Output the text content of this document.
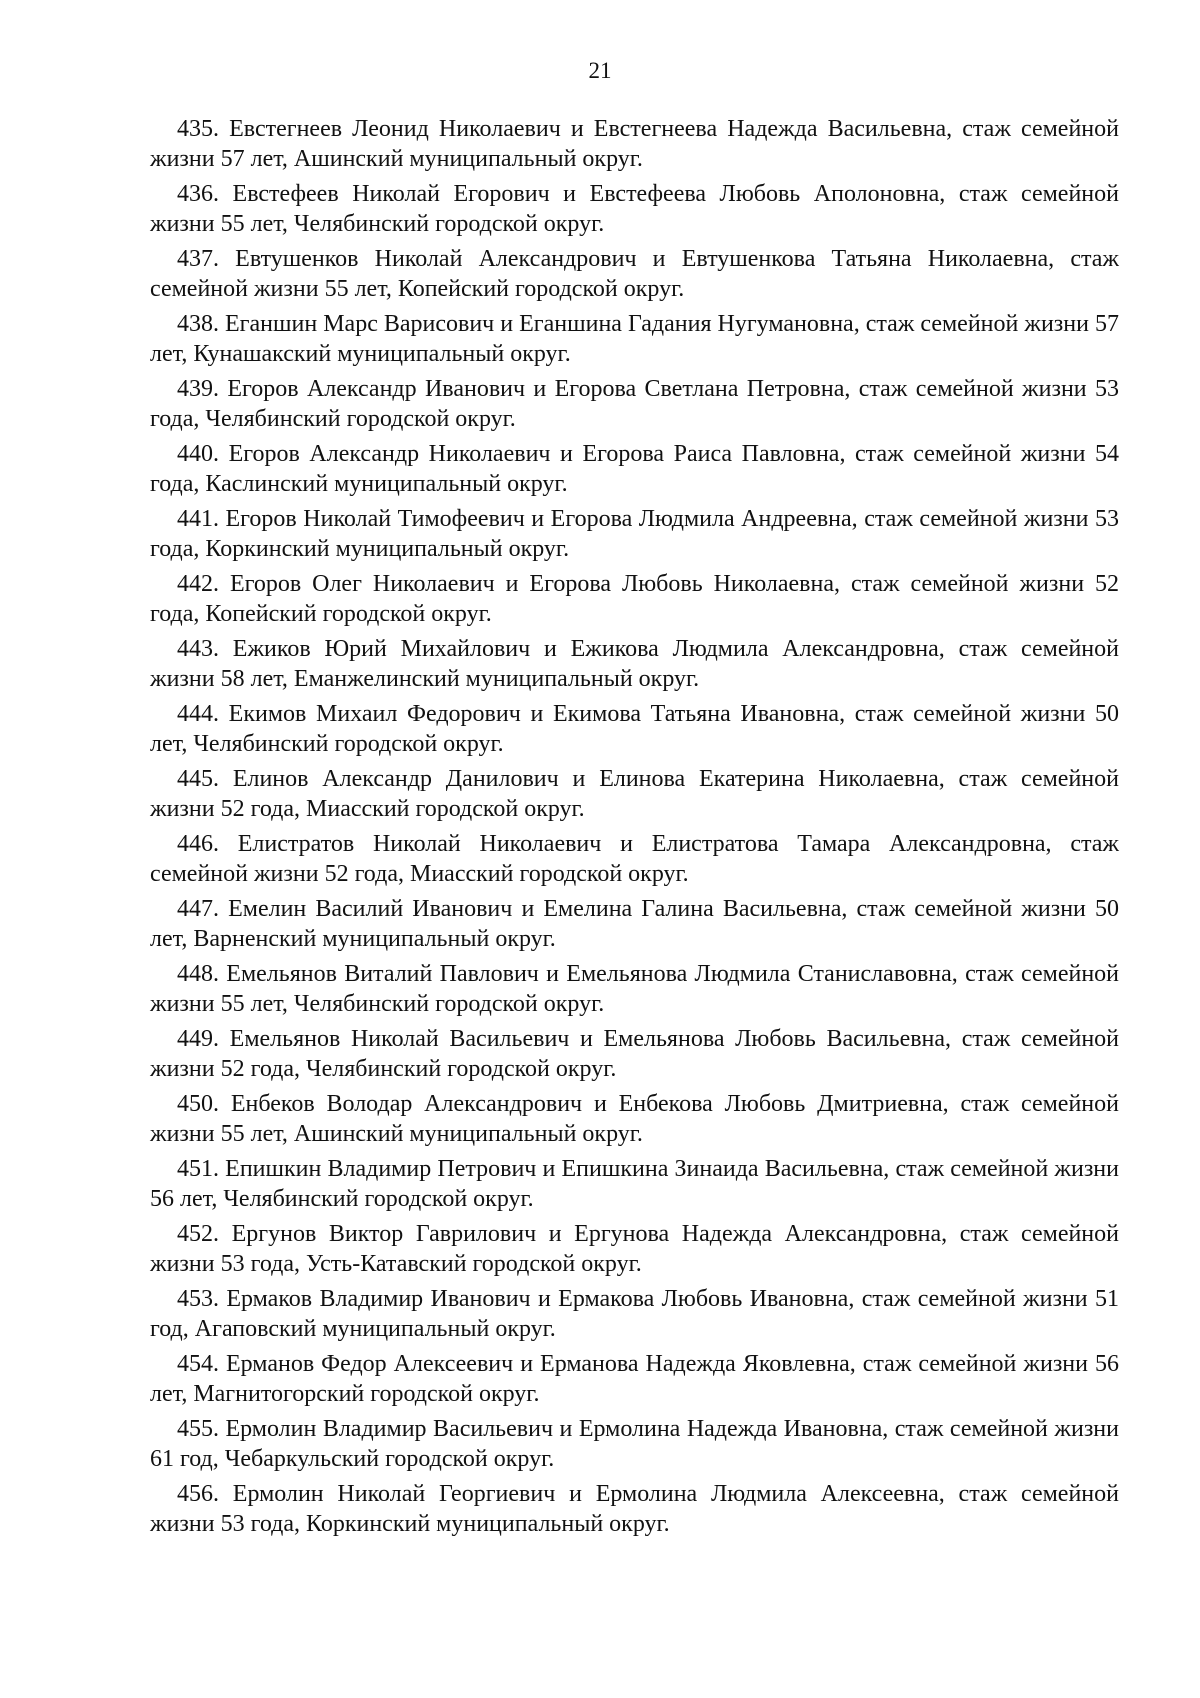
21

435. Евстегнеев Леонид Николаевич и Евстегнеева Надежда Васильевна, стаж семейной жизни 57 лет, Ашинский муниципальный округ.

436. Евстефеев Николай Егорович и Евстефеева Любовь Аполоновна, стаж семейной жизни 55 лет, Челябинский городской округ.

437. Евтушенков Николай Александрович и Евтушенкова Татьяна Николаевна, стаж семейной жизни 55 лет, Копейский городской округ.

438. Еганшин Марс Варисович и Еганшина Гадания Нугумановна, стаж семейной жизни 57 лет, Кунашакский муниципальный округ.

439. Егоров Александр Иванович и Егорова Светлана Петровна, стаж семейной жизни 53 года, Челябинский городской округ.

440. Егоров Александр Николаевич и Егорова Раиса Павловна, стаж семейной жизни 54 года, Каслинский муниципальный округ.

441. Егоров Николай Тимофеевич и Егорова Людмила Андреевна, стаж семейной жизни 53 года, Коркинский муниципальный округ.

442. Егоров Олег Николаевич и Егорова Любовь Николаевна, стаж семейной жизни 52 года, Копейский городской округ.

443. Ежиков Юрий Михайлович и Ежикова Людмила Александровна, стаж семейной жизни 58 лет, Еманжелинский муниципальный округ.

444. Екимов Михаил Федорович и Екимова Татьяна Ивановна, стаж семейной жизни 50 лет, Челябинский городской округ.

445. Елинов Александр Данилович и Елинова Екатерина Николаевна, стаж семейной жизни 52 года, Миасский городской округ.

446. Елистратов Николай Николаевич и Елистратова Тамара Александровна, стаж семейной жизни 52 года, Миасский городской округ.

447. Емелин Василий Иванович и Емелина Галина Васильевна, стаж семейной жизни 50 лет, Варненский муниципальный округ.

448. Емельянов Виталий Павлович и Емельянова Людмила Станиславовна, стаж семейной жизни 55 лет, Челябинский городской округ.

449. Емельянов Николай Васильевич и Емельянова Любовь Васильевна, стаж семейной жизни 52 года, Челябинский городской округ.

450. Енбеков Володар Александрович и Енбекова Любовь Дмитриевна, стаж семейной жизни 55 лет, Ашинский муниципальный округ.

451. Епишкин Владимир Петрович и Епишкина Зинаида Васильевна, стаж семейной жизни 56 лет, Челябинский городской округ.

452. Ергунов Виктор Гаврилович и Ергунова Надежда Александровна, стаж семейной жизни 53 года, Усть-Катавский городской округ.

453. Ермаков Владимир Иванович и Ермакова Любовь Ивановна, стаж семейной жизни 51 год, Агаповский муниципальный округ.

454. Ерманов Федор Алексеевич и Ерманова Надежда Яковлевна, стаж семейной жизни 56 лет, Магнитогорский городской округ.

455. Ермолин Владимир Васильевич и Ермолина Надежда Ивановна, стаж семейной жизни 61 год, Чебаркульский городской округ.

456. Ермолин Николай Георгиевич и Ермолина Людмила Алексеевна, стаж семейной жизни 53 года, Коркинский муниципальный округ.
